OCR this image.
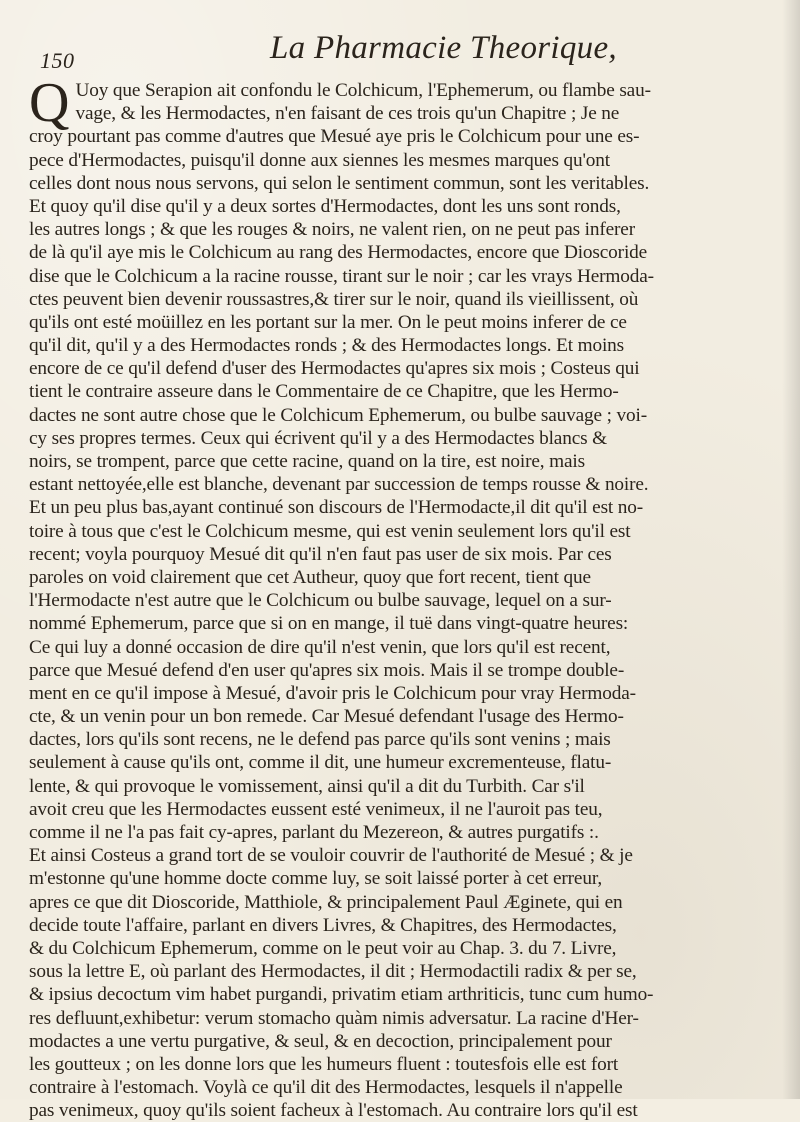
150	La Pharmacie Theorique,
Q Uoy que Serapion ait confondu le Colchicum, l'Ephemerum, ou flambe sau-
vage, & les Hermodactes, n'en faisant de ces trois qu'un Chapitre ; Je ne
croy pourtant pas comme d'autres que Mesué aye pris le Colchicum pour une es-
pece d'Hermodactes, puisqu'il donne aux siennes les mesmes marques qu'ont
celles dont nous nous servons, qui selon le sentiment commun, sont les veritables.
Et quoy qu'il dise qu'il y a deux sortes d'Hermodactes, dont les uns sont ronds,
les autres longs ; & que les rouges & noirs, ne valent rien, on ne peut pas inferer
de là qu'il aye mis le Colchicum au rang des Hermodactes, encore que Dioscoride
dise que le Colchicum a la racine rousse, tirant sur le noir ; car les vrays Hermoda-
ctes peuvent bien devenir roussastres,& tirer sur le noir, quand ils vieillissent, où
qu'ils ont esté moüillez en les portant sur la mer. On le peut moins inferer de ce
qu'il dit, qu'il y a des Hermodactes ronds ; & des Hermodactes longs. Et moins
encore de ce qu'il defend d'user des Hermodactes qu'apres six mois ; Costeus qui
tient le contraire asseure dans le Commentaire de ce Chapitre, que les Hermo-
dactes ne sont autre chose que le Colchicum Ephemerum, ou bulbe sauvage ; voi-
cy ses propres termes. Ceux qui écrivent qu'il y a des Hermodactes blancs &
noirs, se trompent, parce que cette racine, quand on la tire, est noire, mais
estant nettoyée,elle est blanche, devenant par succession de temps rousse & noire.
Et un peu plus bas,ayant continué son discours de l'Hermodacte,il dit qu'il est no-
toire à tous que c'est le Colchicum mesme, qui est venin seulement lors qu'il est
recent; voyla pourquoy Mesué dit qu'il n'en faut pas user de six mois. Par ces
paroles on void clairement que cet Autheur, quoy que fort recent, tient que
l'Hermodacte n'est autre que le Colchicum ou bulbe sauvage, lequel on a sur-
nommé Ephemerum, parce que si on en mange, il tuë dans vingt-quatre heures:
Ce qui luy a donné occasion de dire qu'il n'est venin, que lors qu'il est recent,
parce que Mesué defend d'en user qu'apres six mois. Mais il se trompe double-
ment en ce qu'il impose à Mesué, d'avoir pris le Colchicum pour vray Hermoda-
cte, & un venin pour un bon remede. Car Mesué defendant l'usage des Hermo-
dactes, lors qu'ils sont recens, ne le defend pas parce qu'ils sont venins ; mais
seulement à cause qu'ils ont, comme il dit, une humeur excrementeuse, flatu-
lente, & qui provoque le vomissement, ainsi qu'il a dit du Turbith. Car s'il
avoit creu que les Hermodactes eussent esté venimeux, il ne l'auroit pas teu,
comme il ne l'a pas fait cy-apres, parlant du Mezereon, & autres purgatifs :.
Et ainsi Costeus a grand tort de se vouloir couvrir de l'authorité de Mesué ; & je
m'estonne qu'une homme docte comme luy, se soit laissé porter à cet erreur,
apres ce que dit Dioscoride, Matthiole, & principalement Paul Æginete, qui en
decide toute l'affaire, parlant en divers Livres, & Chapitres, des Hermodactes,
& du Colchicum Ephemerum, comme on le peut voir au Chap. 3. du 7. Livre,
sous la lettre E, où parlant des Hermodactes, il dit ; Hermodactili radix & per se,
& ipsius decoctum vim habet purgandi, privatim etiam arthriticis, tunc cum humo-
res defluunt,exhibetur: verum stomacho quàm nimis adversatur. La racine d'Her-
modactes a une vertu purgative, & seul, & en decoction, principalement pour
les goutteux ; on les donne lors que les humeurs fluent : toutesfois elle est fort
contraire à l'estomach. Voylà ce qu'il dit des Hermodactes, lesquels il n'appelle
pas venimeux, quoy qu'ils soient facheux à l'estomach. Au contraire lors qu'il est
